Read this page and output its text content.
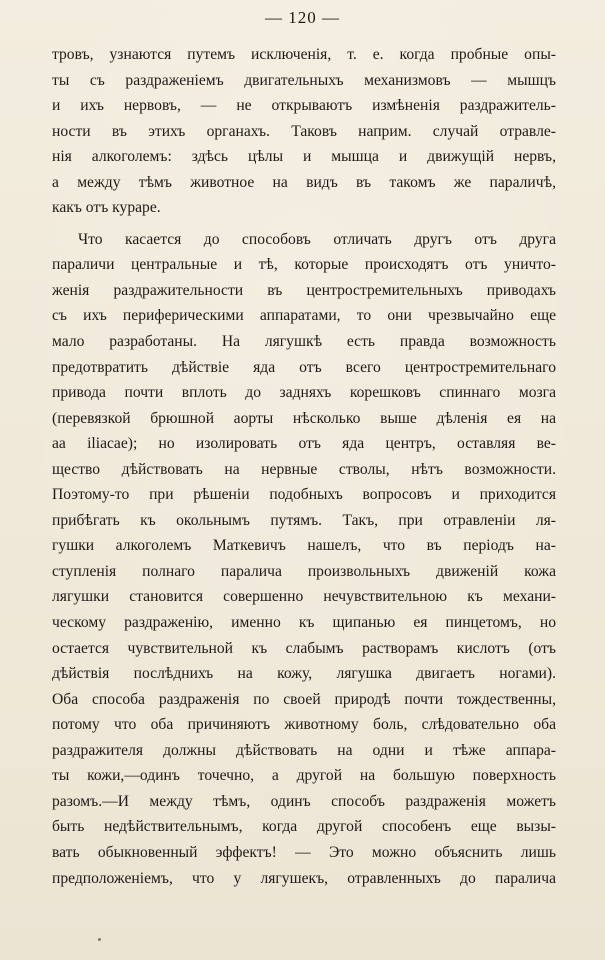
— 120 —
тровъ, узнаются путемъ исключенія, т. е. когда пробные опы-
ты съ раздраженіемъ двигательныхъ механизмовъ — мышцъ
и ихъ нервовъ, — не открываютъ измѣненія раздражитель-
ности въ этихъ органахъ. Таковъ наприм. случай отравле-
нія алкоголемъ: здѣсь цѣлы и мышца и движущій нервъ,
а между тѣмъ животное на видъ въ такомъ же параличѣ,
какъ отъ кураре.
Что касается до способовъ отличать другъ отъ друга
параличи центральные и тѣ, которые происходятъ отъ уничто-
женія раздражительности въ центростремительныхъ приводахъ
съ ихъ периферическими аппаратами, то они чрезвычайно еще
мало разработаны. На лягушкѣ есть правда возможность
предотвратить дѣйствіе яда отъ всего центростремительнаго
привода почти вплоть до задняхъ корешковъ спиннаго мозга
(перевязкой брюшной аорты нѣсколько выше дѣленія ея на
aa iliacae); но изолировать отъ яда центръ, оставляя ве-
щество дѣйствовать на нервные стволы, нѣтъ возможности.
Поэтому-то при рѣшеніи подобныхъ вопросовъ и приходится
прибѣгать къ окольнымъ путямъ. Такъ, при отравленіи ля-
гушки алкоголемъ Маткевичъ нашелъ, что въ періодъ на-
ступленія полнаго паралича произвольныхъ движеній кожа
лягушки становится совершенно нечувствительною къ механи-
ческому раздраженію, именно къ щипанью ея пинцетомъ, но
остается чувствительной къ слабымъ растворамъ кислотъ (отъ
дѣйствія послѣднихъ на кожу, лягушка двигаетъ ногами).
Оба способа раздраженія по своей природѣ почти тождественны,
потому что оба причиняютъ животному боль, слѣдовательно оба
раздражителя должны дѣйствовать на одни и тѣже аппара-
ты кожи,—одинъ точечно, а другой на большую поверхность
разомъ.—И между тѣмъ, одинъ способъ раздраженія можетъ
быть недѣйствительнымъ, когда другой способенъ еще вызы-
вать обыкновенный эффектъ! — Это можно объяснить лишь
предположеніемъ, что у лягушекъ, отравленныхъ до паралича
